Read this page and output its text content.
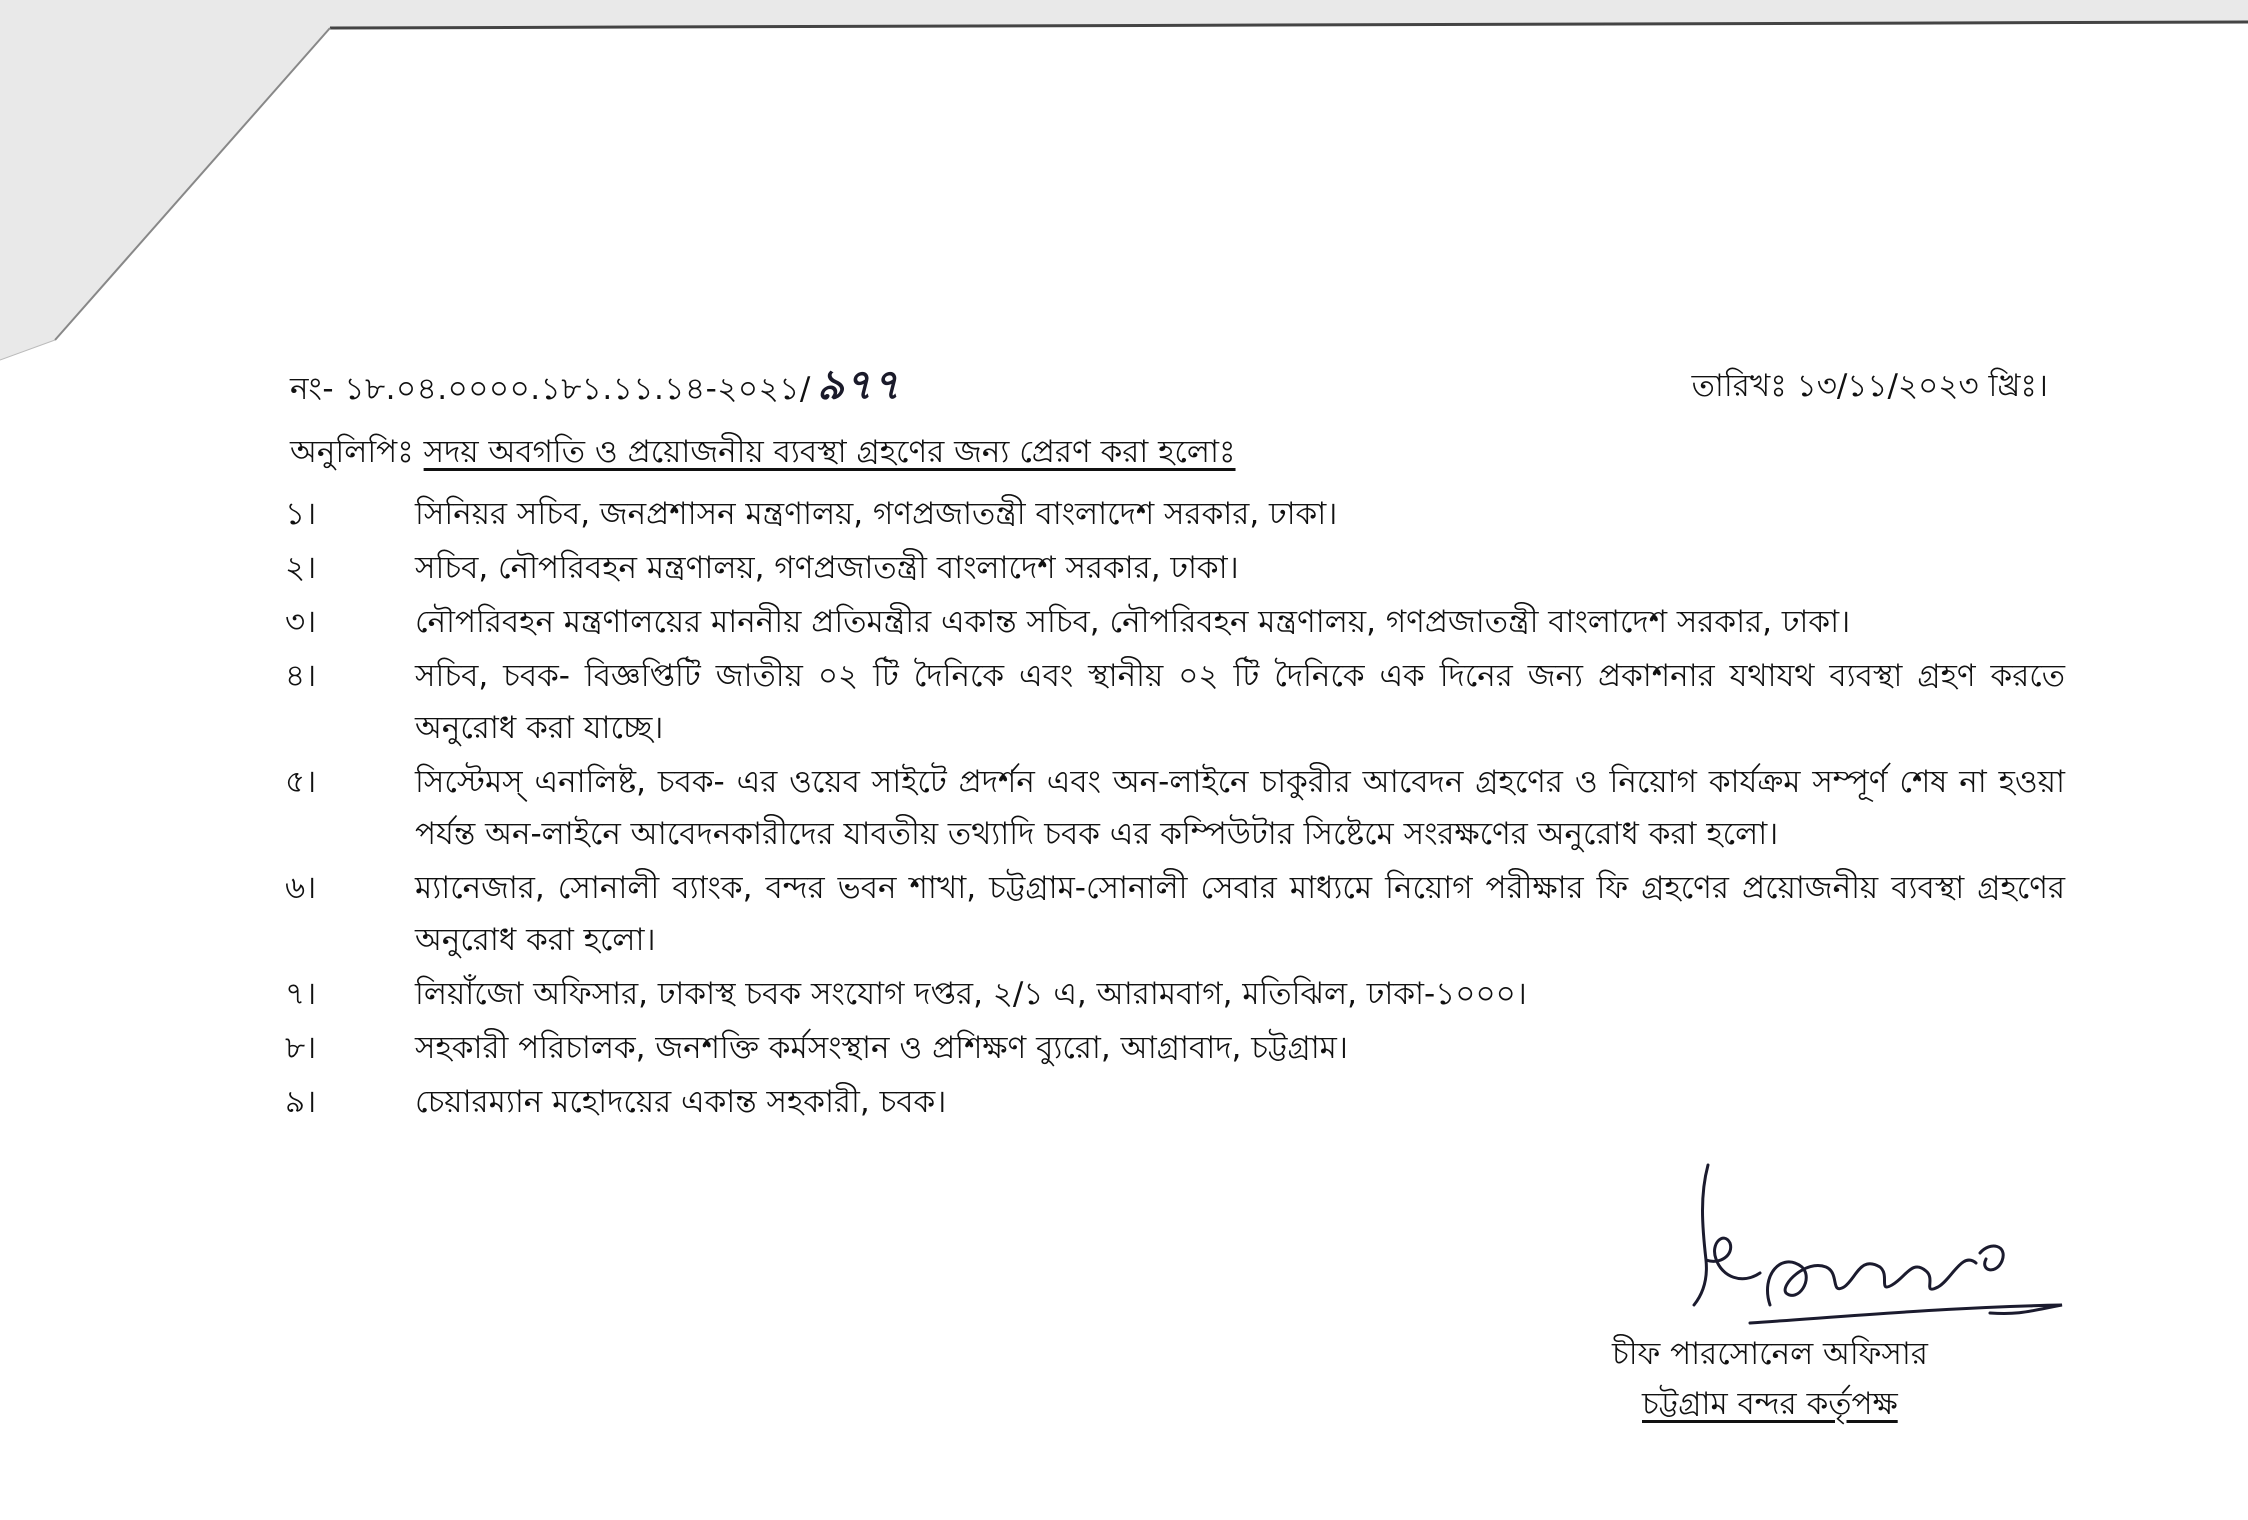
নং- ১৮.০৪.০০০০.১৮১.১১.১৪-২০২১/ ৯৭৭	তারিখঃ ১৩/১১/২০২৩ খ্রিঃ।
অনুলিপিঃ সদয় অবগতি ও প্রয়োজনীয় ব্যবস্থা গ্রহণের জন্য প্রেরণ করা হলোঃ
১।	সিনিয়র সচিব, জনপ্রশাসন মন্ত্রণালয়, গণপ্রজাতন্ত্রী বাংলাদেশ সরকার, ঢাকা।
২।	সচিব, নৌপরিবহন মন্ত্রণালয়, গণপ্রজাতন্ত্রী বাংলাদেশ সরকার, ঢাকা।
৩।	নৌপরিবহন মন্ত্রণালয়ের মাননীয় প্রতিমন্ত্রীর একান্ত সচিব, নৌপরিবহন মন্ত্রণালয়, গণপ্রজাতন্ত্রী বাংলাদেশ সরকার, ঢাকা।
৪।	সচিব, চবক- বিজ্ঞপ্তিটি জাতীয় ০২ টি দৈনিকে এবং স্থানীয় ০২ টি দৈনিকে এক দিনের জন্য প্রকাশনার যথাযথ ব্যবস্থা গ্রহণ করতে অনুরোধ করা যাচ্ছে।
৫।	সিস্টেমস্ এনালিষ্ট, চবক- এর ওয়েব সাইটে প্রদর্শন এবং অন-লাইনে চাকুরীর আবেদন গ্রহণের ও নিয়োগ কার্যক্রম সম্পূর্ণ শেষ না হওয়া পর্যন্ত অন-লাইনে আবেদনকারীদের যাবতীয় তথ্যাদি চবক এর কম্পিউটার সিষ্টেমে সংরক্ষণের অনুরোধ করা হলো।
৬।	ম্যানেজার, সোনালী ব্যাংক, বন্দর ভবন শাখা, চট্টগ্রাম-সোনালী সেবার মাধ্যমে নিয়োগ পরীক্ষার ফি গ্রহণের প্রয়োজনীয় ব্যবস্থা গ্রহণের অনুরোধ করা হলো।
৭।	লিয়াঁজো অফিসার, ঢাকাস্থ চবক সংযোগ দপ্তর, ২/১ এ, আরামবাগ, মতিঝিল, ঢাকা-১০০০।
৮।	সহকারী পরিচালক, জনশক্তি কর্মসংস্থান ও প্রশিক্ষণ ব্যুরো, আগ্রাবাদ, চট্টগ্রাম।
৯।	চেয়ারম্যান মহোদয়ের একান্ত সহকারী, চবক।
চীফ পারসোনেল অফিসার
চট্টগ্রাম বন্দর কর্তৃপক্ষ
